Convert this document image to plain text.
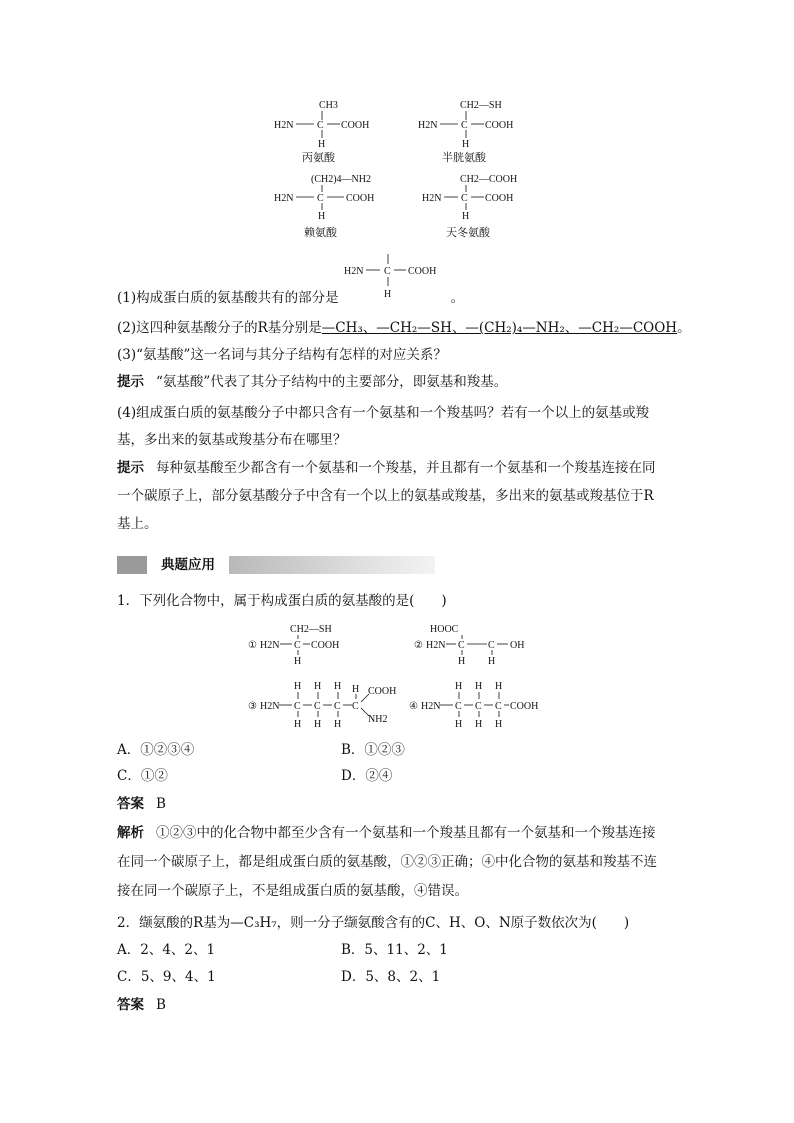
CH3
H2N C COOH
H
丙氨酸
CH2—SH
H2N C COOH
H
半胱氨酸
(CH2)4—NH2
H2N C COOH
H
赖氨酸
CH2—COOH
H2N C COOH
H
天冬氨酸
H2N C COOH
H
(1)构成蛋白质的氨基酸共有的部分是	。
(2)这四种氨基酸分子的R基分别是—CH₃、—CH₂—SH、—(CH₂)₄—NH₂、—CH₂—COOH。
(3)“氨基酸”这一名词与其分子结构有怎样的对应关系？
提示 “氨基酸”代表了其分子结构中的主要部分，即氨基和羧基。
(4)组成蛋白质的氨基酸分子中都只含有一个氨基和一个羧基吗？若有一个以上的氨基或羧
基，多出来的氨基或羧基分布在哪里？
提示 每种氨基酸至少都含有一个氨基和一个羧基，并且都有一个氨基和一个羧基连接在同
一个碳原子上，部分氨基酸分子中含有一个以上的氨基或羧基，多出来的氨基或羧基位于R
基上。
典题应用
1．下列化合物中，属于构成蛋白质的氨基酸的是(　　)
①
CH2—SH
H2N C COOH
H
②
HOOC
H2N C C OH
H H
③ H2N
H H H
C C C
H
C
COOH
NH2
H H H
④ H2N
H H H
C C C COOH
H H H
A．①②③④	B．①②③
C．①②	D．②④
答案 B
解析 ①②③中的化合物中都至少含有一个氨基和一个羧基且都有一个氨基和一个羧基连接
在同一个碳原子上，都是组成蛋白质的氨基酸，①②③正确；④中化合物的氨基和羧基不连
接在同一个碳原子上，不是组成蛋白质的氨基酸，④错误。
2．缬氨酸的R基为—C₃H₇，则一分子缬氨酸含有的C、H、O、N原子数依次为(　　)
A．2、4、2、1	B．5、11、2、1
C．5、9、4、1	D．5、8、2、1
答案 B
